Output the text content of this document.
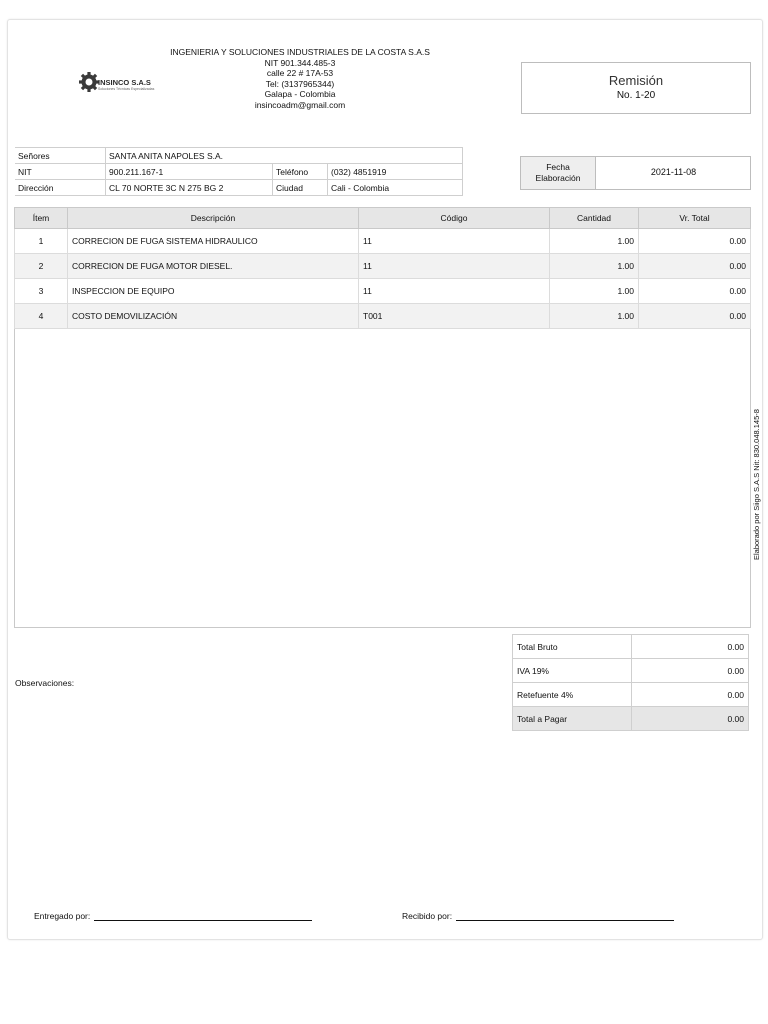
INGENIERIA Y SOLUCIONES INDUSTRIALES DE LA COSTA S.A.S
NIT 901.344.485-3
calle 22 # 17A-53
Tel: (3137965344)
Galapa - Colombia
insincoadm@gmail.com
INSINCO S.A.S
Soluciones Técnicas Especializadas
Remisión
No. 1-20
Señores	SANTA ANITA NAPOLES S.A.		
NIT	900.211.167-1	Teléfono	(032) 4851919
Dirección	CL 70 NORTE 3C N 275 BG 2	Ciudad	Cali - Colombia
Fecha
Elaboración
2021-11-08
Ítem	Descripción	Código	Cantidad	Vr. Total
1	CORRECION DE FUGA SISTEMA HIDRAULICO	11	1.00	0.00
2	CORRECION DE FUGA MOTOR DIESEL.	11	1.00	0.00
3	INSPECCION DE EQUIPO	11	1.00	0.00
4	COSTO DEMOVILIZACIÓN	T001	1.00	0.00
Observaciones:
Total Bruto	0.00
IVA 19%	0.00
Retefuente 4%	0.00
Total a Pagar	0.00
Elaborado por Siigo S.A.S Nit: 830.048.145-8
Entregado por:	Recibido por:
